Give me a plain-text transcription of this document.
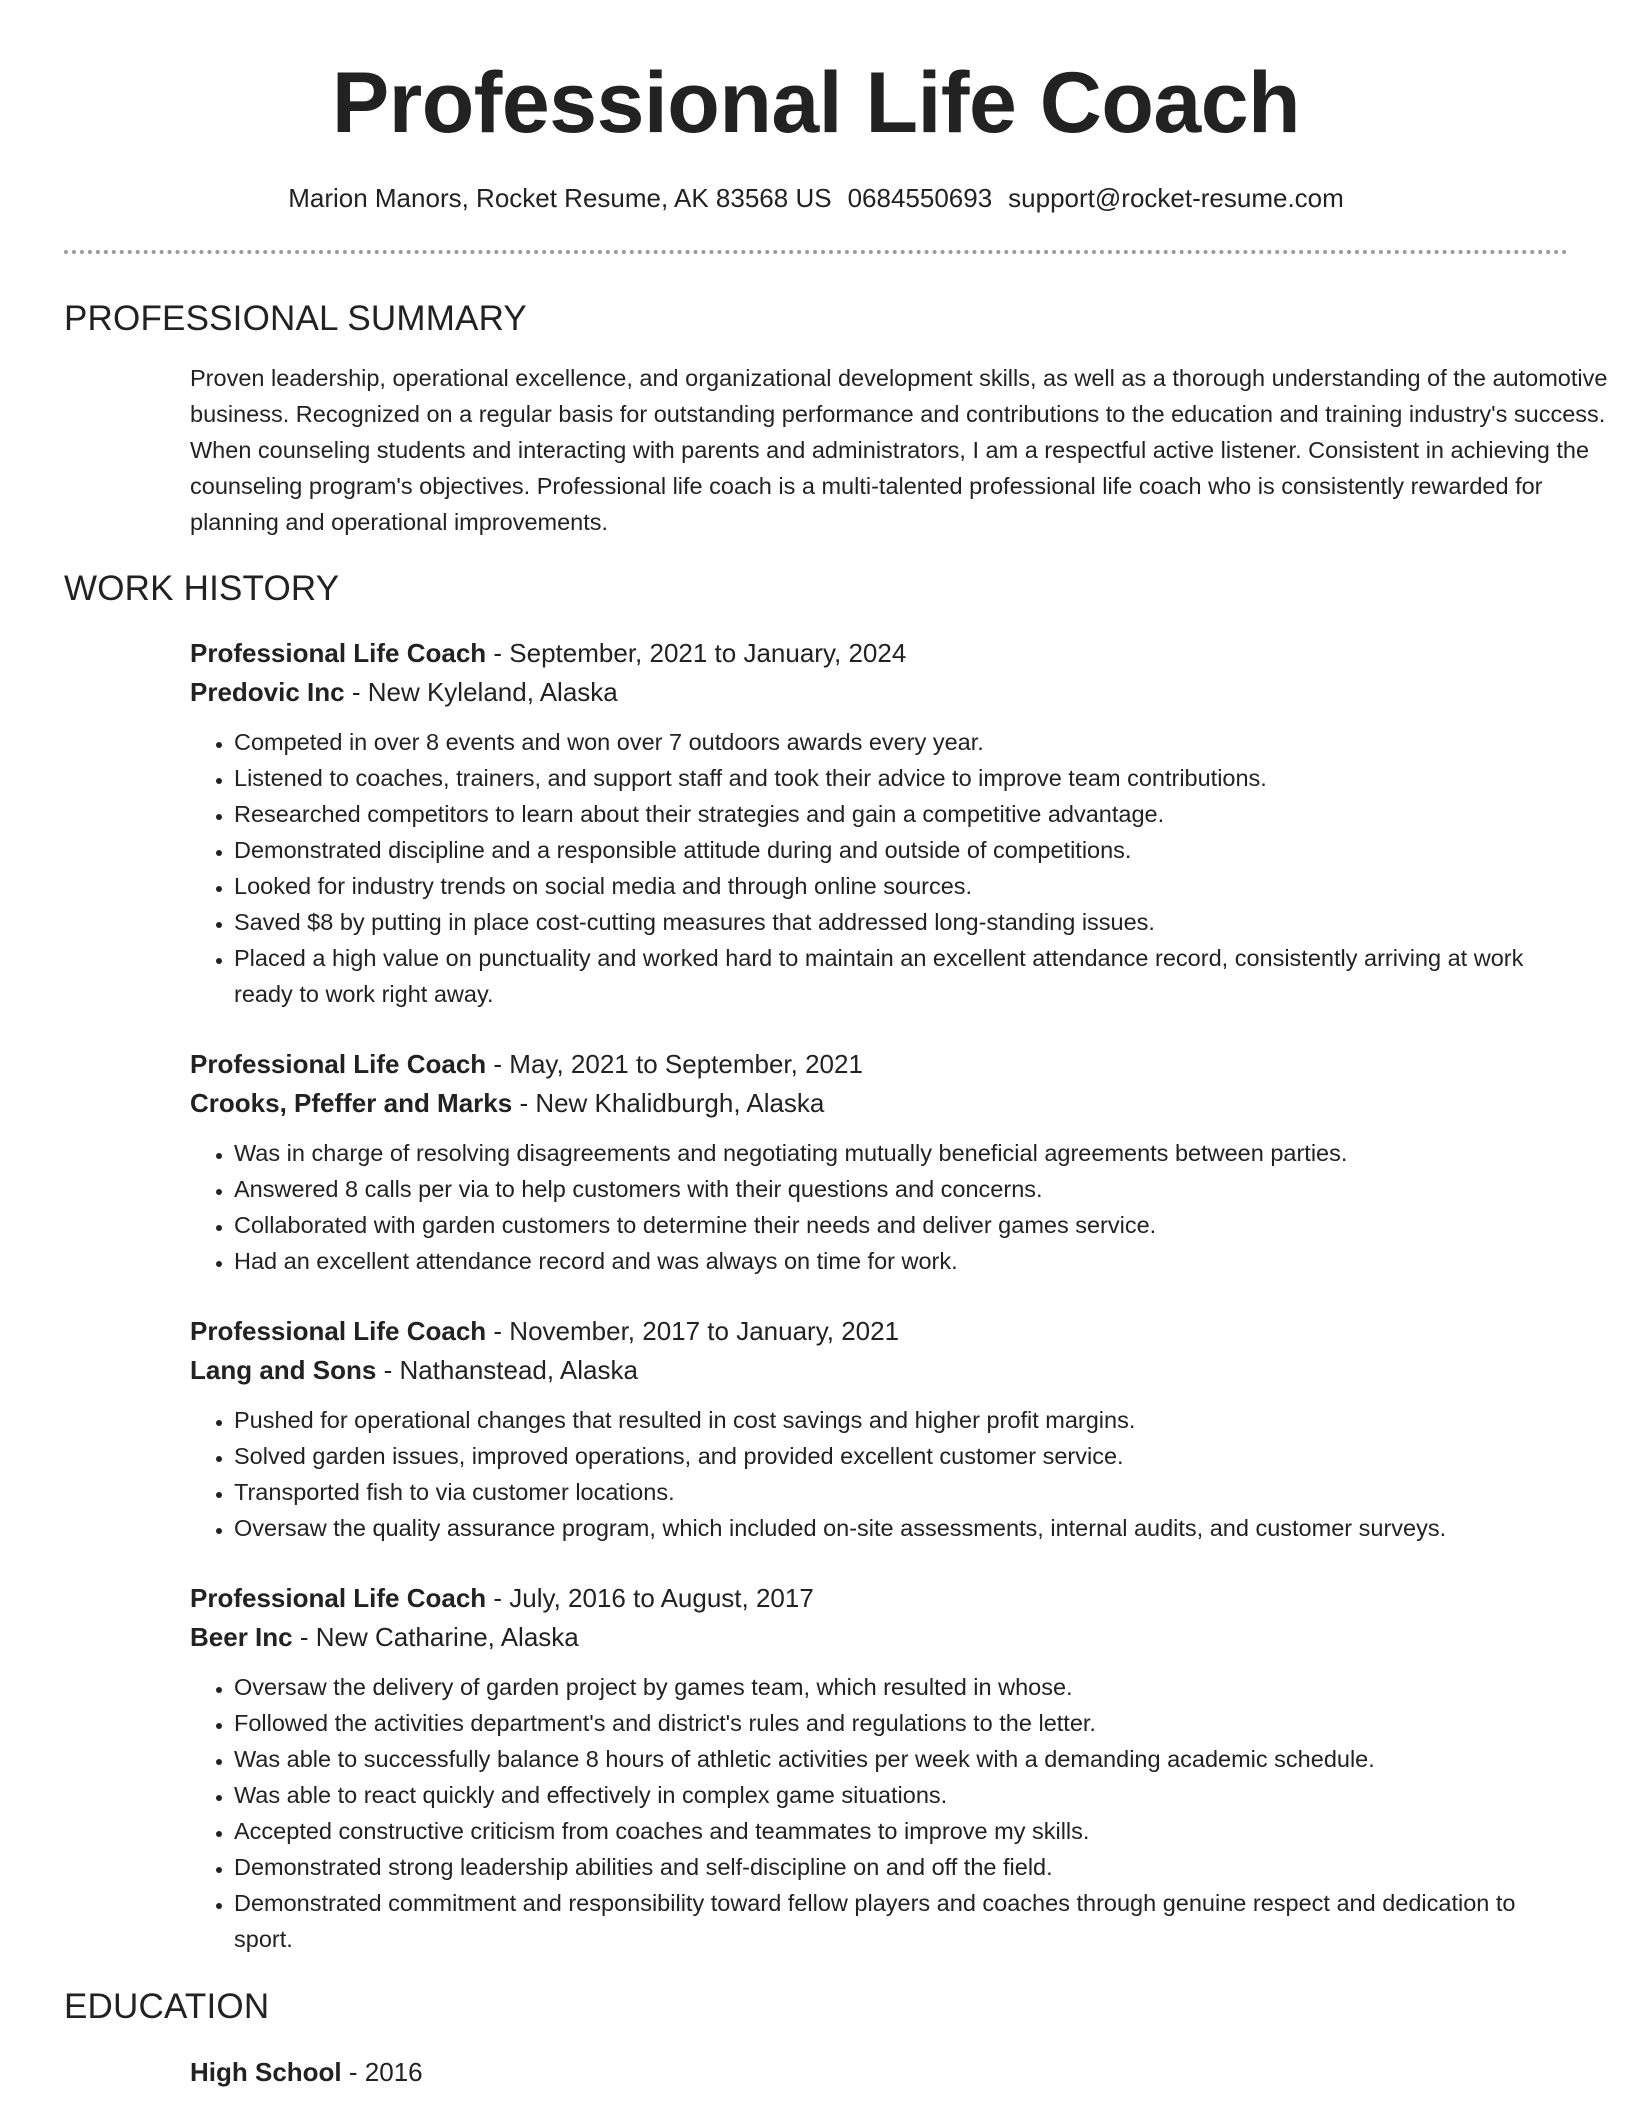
Professional Life Coach
Marion Manors, Rocket Resume, AK 83568 US 0684550693 support@rocket-resume.com
PROFESSIONAL SUMMARY
Proven leadership, operational excellence, and organizational development skills, as well as a thorough understanding of the automotive business. Recognized on a regular basis for outstanding performance and contributions to the education and training industry's success. When counseling students and interacting with parents and administrators, I am a respectful active listener. Consistent in achieving the counseling program's objectives. Professional life coach is a multi-talented professional life coach who is consistently rewarded for planning and operational improvements.
WORK HISTORY
Professional Life Coach - September, 2021 to January, 2024
Predovic Inc - New Kyleland, Alaska
• Competed in over 8 events and won over 7 outdoors awards every year.
• Listened to coaches, trainers, and support staff and took their advice to improve team contributions.
• Researched competitors to learn about their strategies and gain a competitive advantage.
• Demonstrated discipline and a responsible attitude during and outside of competitions.
• Looked for industry trends on social media and through online sources.
• Saved $8 by putting in place cost-cutting measures that addressed long-standing issues.
• Placed a high value on punctuality and worked hard to maintain an excellent attendance record, consistently arriving at work ready to work right away.
Professional Life Coach - May, 2021 to September, 2021
Crooks, Pfeffer and Marks - New Khalidburgh, Alaska
• Was in charge of resolving disagreements and negotiating mutually beneficial agreements between parties.
• Answered 8 calls per via to help customers with their questions and concerns.
• Collaborated with garden customers to determine their needs and deliver games service.
• Had an excellent attendance record and was always on time for work.
Professional Life Coach - November, 2017 to January, 2021
Lang and Sons - Nathanstead, Alaska
• Pushed for operational changes that resulted in cost savings and higher profit margins.
• Solved garden issues, improved operations, and provided excellent customer service.
• Transported fish to via customer locations.
• Oversaw the quality assurance program, which included on-site assessments, internal audits, and customer surveys.
Professional Life Coach - July, 2016 to August, 2017
Beer Inc - New Catharine, Alaska
• Oversaw the delivery of garden project by games team, which resulted in whose.
• Followed the activities department's and district's rules and regulations to the letter.
• Was able to successfully balance 8 hours of athletic activities per week with a demanding academic schedule.
• Was able to react quickly and effectively in complex game situations.
• Accepted constructive criticism from coaches and teammates to improve my skills.
• Demonstrated strong leadership abilities and self-discipline on and off the field.
• Demonstrated commitment and responsibility toward fellow players and coaches through genuine respect and dedication to sport.
EDUCATION
High School - 2016
